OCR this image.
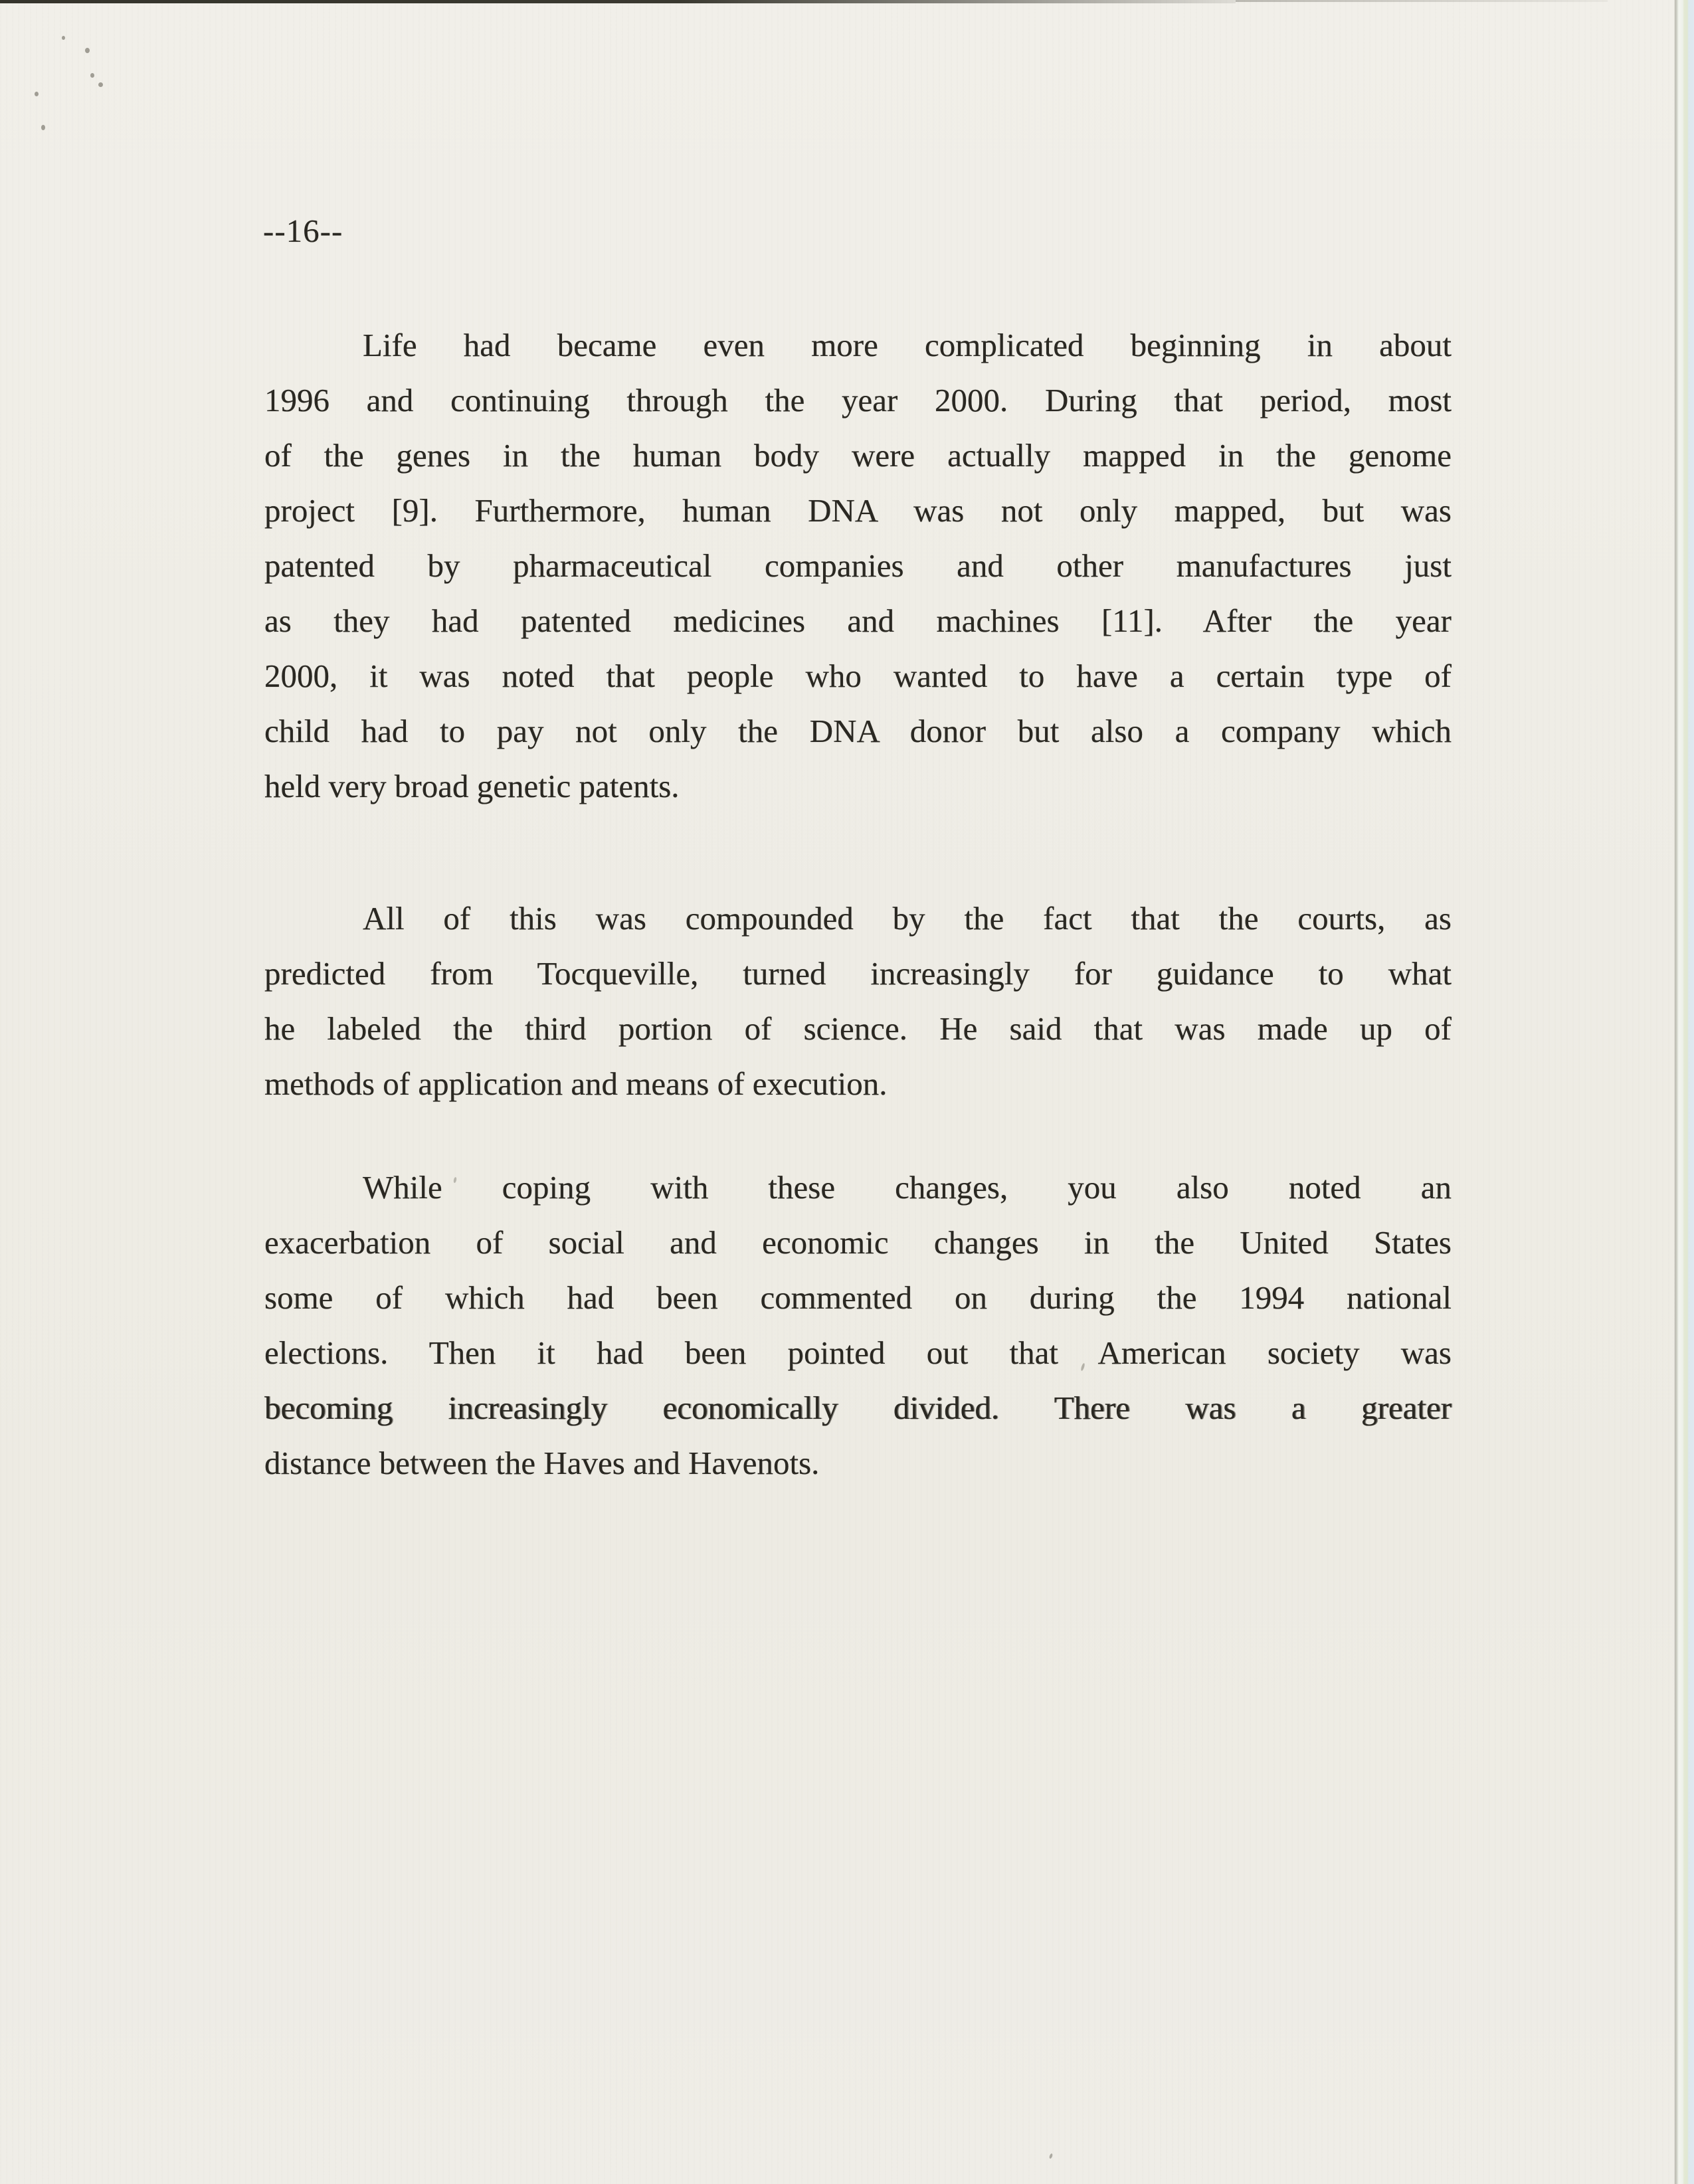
--16--
Life had became even more complicated beginning in about
1996 and continuing through the year 2000. During that period, most
of the genes in the human body were actually mapped in the genome
project [9]. Furthermore, human DNA was not only mapped, but was
patented by pharmaceutical companies and other manufactures just
as they had patented medicines and machines [11]. After the year
2000, it was noted that people who wanted to have a certain type of
child had to pay not only the DNA donor but also a company which
held very broad genetic patents.
All of this was compounded by the fact that the courts, as
predicted from Tocqueville, turned increasingly for guidance to what
he labeled the third portion of science. He said that was made up of
methods of application and means of execution.
While coping with these changes, you also noted an
exacerbation of social and economic changes in the United States
some of which had been commented on during the 1994 national
elections. Then it had been pointed out that American society was
becoming increasingly economically divided. There was a greater
distance between the Haves and Havenots.
